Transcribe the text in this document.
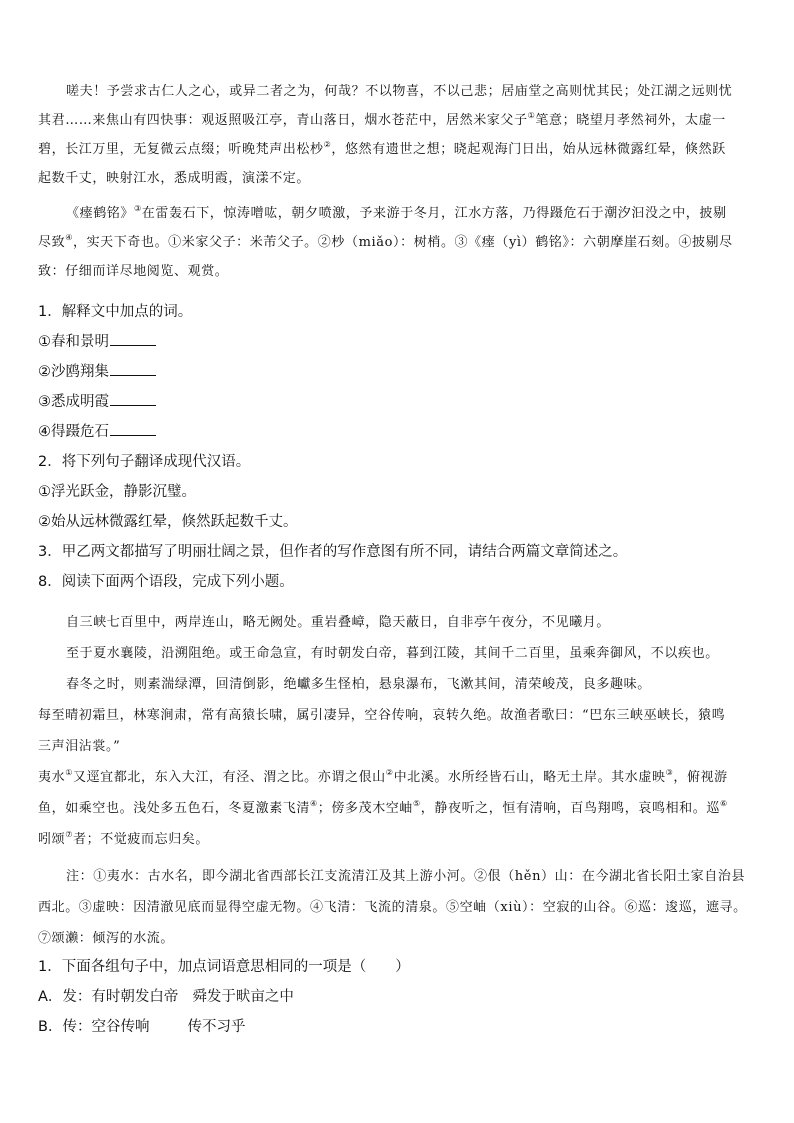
嗟夫！予尝求古仁人之心，或异二者之为，何哉？不以物喜，不以己悲；居庙堂之高则忧其民；处江湖之远则忧

其君……来焦山有四快事：观返照吸江亭，青山落日，烟水苍茫中，居然米家父子①笔意；晓望月孝然祠外，太虚一

碧，长江万里，无复微云点缀；听晚梵声出松杪②，悠然有遗世之想；晓起观海门日出，始从远林微露红晕，倏然跃

起数千丈，映射江水，悉成明霞，演漾不定。

《瘗鹤铭》③在雷轰石下，惊涛噌吰，朝夕喷激，予来游于冬月，江水方落，乃得蹑危石于潮汐汩没之中，披剔

尽致④，实天下奇也。①米家父子：米芾父子。②杪（miǎo）：树梢。③《瘗（yì）鹤铭》：六朝摩崖石刻。④披剔尽

致：仔细而详尽地阅览、观赏。

1．解释文中加点的词。

①春和景明

②沙鸥翔集

③悉成明霞

④得蹑危石

2．将下列句子翻译成现代汉语。

①浮光跃金，静影沉璧。

②始从远林微露红晕，倏然跃起数千丈。

3．甲乙两文都描写了明丽壮阔之景，但作者的写作意图有所不同，请结合两篇文章简述之。

8．阅读下面两个语段，完成下列小题。

自三峡七百里中，两岸连山，略无阙处。重岩叠嶂，隐天蔽日，自非亭午夜分，不见曦月。

至于夏水襄陵，沿溯阻绝。或王命急宣，有时朝发白帝，暮到江陵，其间千二百里，虽乘奔御风，不以疾也。

春冬之时，则素湍绿潭，回清倒影，绝巘多生怪柏，悬泉瀑布，飞漱其间，清荣峻茂，良多趣味。

每至晴初霜旦，林寒涧肃，常有高猿长啸，属引凄异，空谷传响，哀转久绝。故渔者歌曰：“巴东三峡巫峡长，猿鸣

三声泪沾裳。”

夷水①又逕宜都北，东入大江，有泾、渭之比。亦谓之佷山②中北溪。水所经皆石山，略无土岸。其水虚映③，俯视游

鱼，如乘空也。浅处多五色石，冬夏激素飞清④；傍多茂木空岫⑤，静夜听之，恒有清响，百鸟翔鸣，哀鸣相和。巡⑥

吲颂⑦者；不觉疲而忘归矣。

注：①夷水：古水名，即今湖北省西部长江支流清江及其上游小河。②佷（hěn）山：在今湖北省长阳土家自治县

西北。③虚映：因清澈见底而显得空虚无物。④飞清：飞流的清泉。⑤空岫（xiù）：空寂的山谷。⑥巡：逡巡，遮寻。

⑦颂濑：倾泻的水流。

1．下面各组句子中，加点词语意思相同的一项是（　　）

A．发：有时朝发白帝 舜发于畎亩之中

B．传：空谷传响	传不习乎
